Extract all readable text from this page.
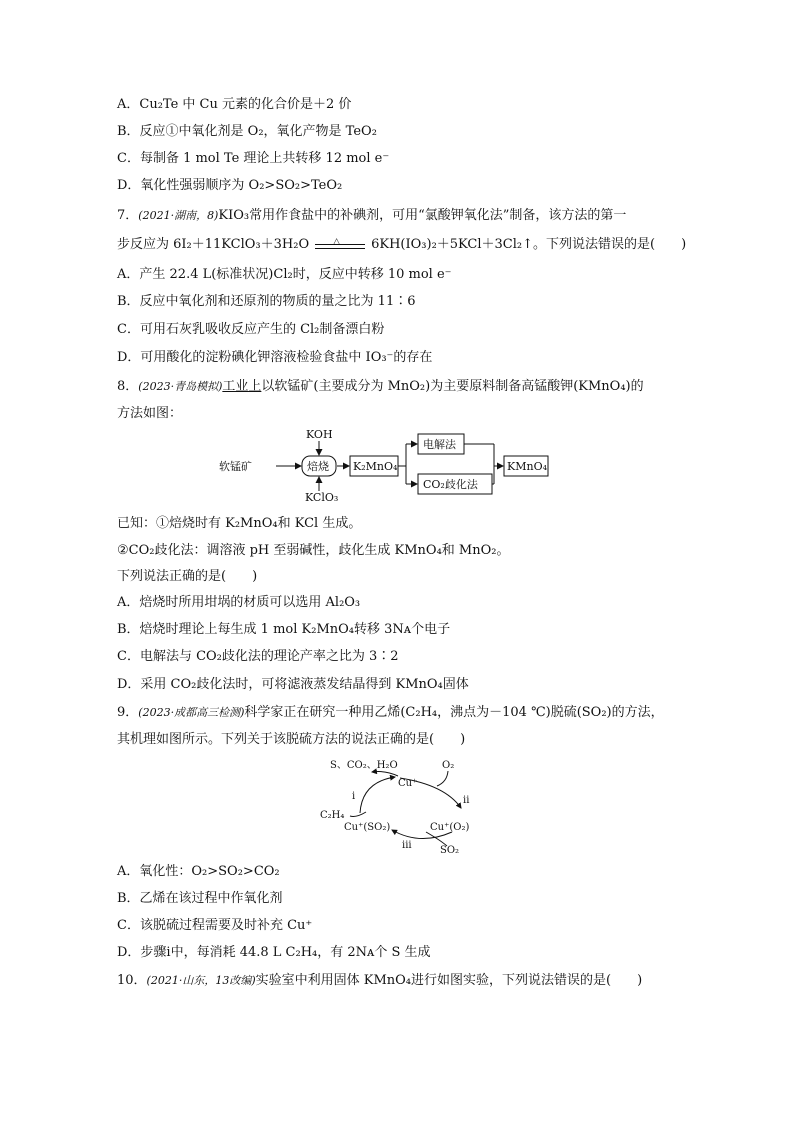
A．Cu₂Te 中 Cu 元素的化合价是＋2 价
B．反应①中氧化剂是 O₂，氧化产物是 TeO₂
C．每制备 1 mol Te 理论上共转移 12 mol e⁻
D．氧化性强弱顺序为 O₂>SO₂>TeO₂
7．(2021·湖南，8)KIO₃常用作食盐中的补碘剂，可用“氯酸钾氧化法”制备，该方法的第一
步反应为 6I₂＋11KClO₃＋3H₂O	△ 6KH(IO₃)₂＋5KCl＋3Cl₂↑。下列说法错误的是(　　)
A．产生 22.4 L(标准状况)Cl₂时，反应中转移 10 mol e⁻
B．反应中氧化剂和还原剂的物质的量之比为 11∶6
C．可用石灰乳吸收反应产生的 Cl₂制备漂白粉
D．可用酸化的淀粉碘化钾溶液检验食盐中 IO₃⁻的存在
8．(2023·青岛模拟)工业上以软锰矿(主要成分为 MnO₂)为主要原料制备高锰酸钾(KMnO₄)的
方法如图：
软锰矿
KOH
焙烧
KClO₃
K₂MnO₄
电解法
CO₂歧化法
KMnO₄
已知：①焙烧时有 K₂MnO₄和 KCl 生成。
②CO₂歧化法：调溶液 pH 至弱碱性，歧化生成 KMnO₄和 MnO₂。
下列说法正确的是(　　)
A．焙烧时所用坩埚的材质可以选用 Al₂O₃
B．焙烧时理论上每生成 1 mol K₂MnO₄转移 3Nᴀ个电子
C．电解法与 CO₂歧化法的理论产率之比为 3∶2
D．采用 CO₂歧化法时，可将滤液蒸发结晶得到 KMnO₄固体
9．(2023·成都高三检测)科学家正在研究一种用乙烯(C₂H₄，沸点为－104 ℃)脱硫(SO₂)的方法，
其机理如图所示。下列关于该脱硫方法的说法正确的是(　　)
S、CO₂、H₂O	O₂
Cu⁺
i	ii
C₂H₄
Cu⁺(SO₂)	Cu⁺(O₂)
iii	SO₂
A．氧化性：O₂>SO₂>CO₂
B．乙烯在该过程中作氧化剂
C．该脱硫过程需要及时补充 Cu⁺
D．步骤ⅰ中，每消耗 44.8 L C₂H₄，有 2Nᴀ个 S 生成
10．(2021·山东，13改编)实验室中利用固体 KMnO₄进行如图实验，下列说法错误的是(　　)
